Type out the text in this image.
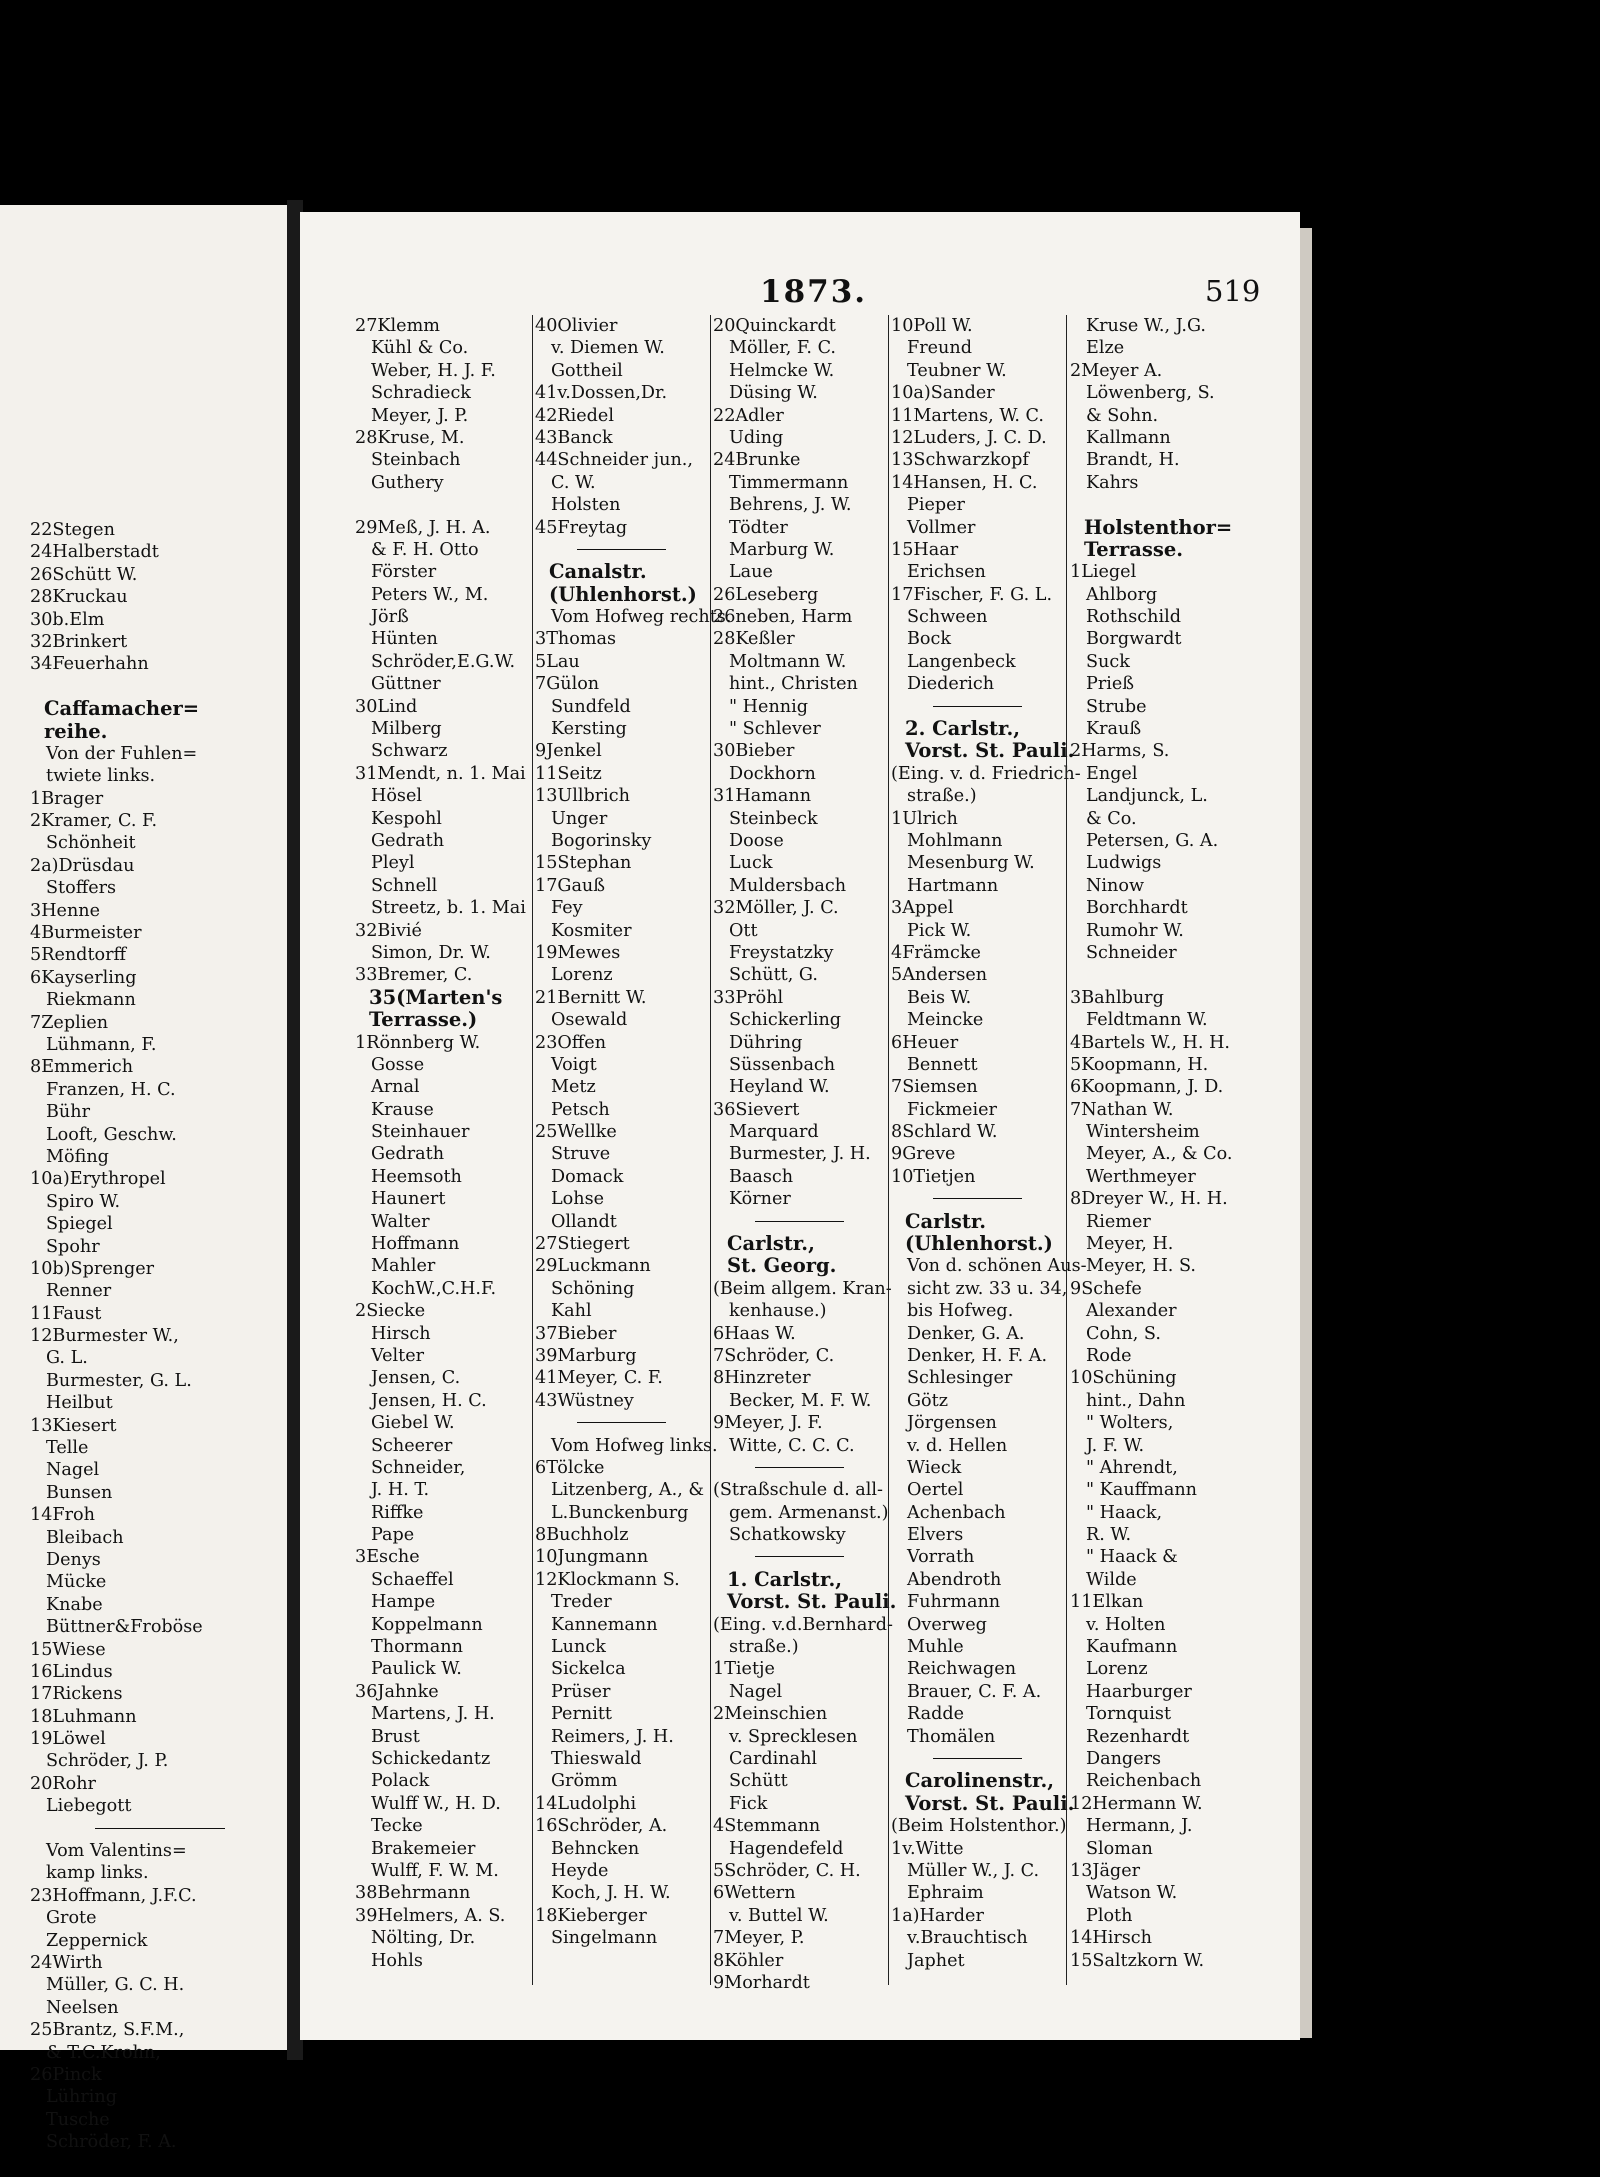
22Stegen
24Halberstadt
26Schütt W.
28Kruckau
30b.Elm
32Brinkert
34Feuerhahn
Caffamacher=
reihe.
Von der Fuhlen=
twiete links.
1Brager
2Kramer, C. F.
Schönheit
2a)Drüsdau
Stoffers
3Henne
4Burmeister
5Rendtorff
6Kayserling
Riekmann
7Zeplien
Lühmann, F.
8Emmerich
Franzen, H. C.
Bühr
Looft, Geschw.
Möfing
10a)Erythropel
Spiro W.
Spiegel
Spohr
10b)Sprenger
Renner
11Faust
12Burmester W.,
G. L.
Burmester, G. L.
Heilbut
13Kiesert
Telle
Nagel
Bunsen
14Froh
Bleibach
Denys
Mücke
Knabe
Büttner&Froböse
15Wiese
16Lindus
17Rickens
18Luhmann
19Löwel
Schröder, J. P.
20Rohr
Liebegott
Vom Valentins=
kamp links.
23Hoffmann, J.F.C.
Grote
Zeppernick
24Wirth
Müller, G. C. H.
Neelsen
25Brantz, S.F.M.,
& T.C.Krohn,
26Pinck
Lühring
Tusche
Schröder, F. A.
1873.	519
27Klemm
Kühl & Co.
Weber, H. J. F.
Schradieck
Meyer, J. P.
28Kruse, M.
Steinbach
Guthery
29Meß, J. H. A.
& F. H. Otto
Förster
Peters W., M.
Jörß
Hünten
Schröder,E.G.W.
Güttner
30Lind
Milberg
Schwarz
31Mendt, n. 1. Mai
Hösel
Kespohl
Gedrath
Pleyl
Schnell
Streetz, b. 1. Mai
32Bivié
Simon, Dr. W.
33Bremer, C.
35(Marten's
Terrasse.)
1Rönnberg W.
Gosse
Arnal
Krause
Steinhauer
Gedrath
Heemsoth
Haunert
Walter
Hoffmann
Mahler
KochW.,C.H.F.
2Siecke
Hirsch
Velter
Jensen, C.
Jensen, H. C.
Giebel W.
Scheerer
Schneider,
J. H. T.
Riffke
Pape
3Esche
Schaeffel
Hampe
Koppelmann
Thormann
Paulick W.
36Jahnke
Martens, J. H.
Brust
Schickedantz
Polack
Wulff W., H. D.
Tecke
Brakemeier
Wulff, F. W. M.
38Behrmann
39Helmers, A. S.
Nölting, Dr.
Hohls
40Olivier
v. Diemen W.
Gottheil
41v.Dossen,Dr.
42Riedel
43Banck
44Schneider jun.,
C. W.
Holsten
45Freytag
Canalstr.
(Uhlenhorst.)
Vom Hofweg rechts.
3Thomas
5Lau
7Gülon
Sundfeld
Kersting
9Jenkel
11Seitz
13Ullbrich
Unger
Bogorinsky
15Stephan
17Gauß
Fey
Kosmiter
19Mewes
Lorenz
21Bernitt W.
Osewald
23Offen
Voigt
Metz
Petsch
25Wellke
Struve
Domack
Lohse
Ollandt
27Stiegert
29Luckmann
Schöning
Kahl
37Bieber
39Marburg
41Meyer, C. F.
43Wüstney
Vom Hofweg links.
6Tölcke
Litzenberg, A., &
L.Bunckenburg
8Buchholz
10Jungmann
12Klockmann S.
Treder
Kannemann
Lunck
Sickelca
Prüser
Pernitt
Reimers, J. H.
Thieswald
Grömm
14Ludolphi
16Schröder, A.
Behncken
Heyde
Koch, J. H. W.
18Kieberger
Singelmann
20Quinckardt
Möller, F. C.
Helmcke W.
Düsing W.
22Adler
Uding
24Brunke
Timmermann
Behrens, J. W.
Tödter
Marburg W.
Laue
26Leseberg
26neben, Harm
28Keßler
Moltmann W.
hint., Christen
" Hennig
" Schlever
30Bieber
Dockhorn
31Hamann
Steinbeck
Doose
Luck
Muldersbach
32Möller, J. C.
Ott
Freystatzky
Schütt, G.
33Pröhl
Schickerling
Dühring
Süssenbach
Heyland W.
36Sievert
Marquard
Burmester, J. H.
Baasch
Körner
Carlstr.,
St. Georg.
(Beim allgem. Kran-
kenhause.)
6Haas W.
7Schröder, C.
8Hinzreter
Becker, M. F. W.
9Meyer, J. F.
Witte, C. C. C.
(Straßschule d. all-
gem. Armenanst.)
Schatkowsky
1. Carlstr.,
Vorst. St. Pauli.
(Eing. v.d.Bernhard-
straße.)
1Tietje
Nagel
2Meinschien
v. Sprecklesen
Cardinahl
Schütt
Fick
4Stemmann
Hagendefeld
5Schröder, C. H.
6Wettern
v. Buttel W.
7Meyer, P.
8Köhler
9Morhardt
10Poll W.
Freund
Teubner W.
10a)Sander
11Martens, W. C.
12Luders, J. C. D.
13Schwarzkopf
14Hansen, H. C.
Pieper
Vollmer
15Haar
Erichsen
17Fischer, F. G. L.
Schween
Bock
Langenbeck
Diederich
2. Carlstr.,
Vorst. St. Pauli.
(Eing. v. d. Friedrich-
straße.)
1Ulrich
Mohlmann
Mesenburg W.
Hartmann
3Appel
Pick W.
4Främcke
5Andersen
Beis W.
Meincke
6Heuer
Bennett
7Siemsen
Fickmeier
8Schlard W.
9Greve
10Tietjen
Carlstr.
(Uhlenhorst.)
Von d. schönen Aus-
sicht zw. 33 u. 34,
bis Hofweg.
Denker, G. A.
Denker, H. F. A.
Schlesinger
Götz
Jörgensen
v. d. Hellen
Wieck
Oertel
Achenbach
Elvers
Vorrath
Abendroth
Fuhrmann
Overweg
Muhle
Reichwagen
Brauer, C. F. A.
Radde
Thomälen
Carolinenstr.,
Vorst. St. Pauli.
(Beim Holstenthor.)
1v.Witte
Müller W., J. C.
Ephraim
1a)Harder
v.Brauchtisch
Japhet
Kruse W., J.G.
Elze
2Meyer A.
Löwenberg, S.
& Sohn.
Kallmann
Brandt, H.
Kahrs
Holstenthor=
Terrasse.
1Liegel
Ahlborg
Rothschild
Borgwardt
Suck
Prieß
Strube
Krauß
2Harms, S.
Engel
Landjunck, L.
& Co.
Petersen, G. A.
Ludwigs
Ninow
Borchhardt
Rumohr W.
Schneider
3Bahlburg
Feldtmann W.
4Bartels W., H. H.
5Koopmann, H.
6Koopmann, J. D.
7Nathan W.
Wintersheim
Meyer, A., & Co.
Werthmeyer
8Dreyer W., H. H.
Riemer
Meyer, H.
Meyer, H. S.
9Schefe
Alexander
Cohn, S.
Rode
10Schüning
hint., Dahn
" Wolters,
J. F. W.
" Ahrendt,
" Kauffmann
" Haack,
R. W.
" Haack &
Wilde
11Elkan
v. Holten
Kaufmann
Lorenz
Haarburger
Tornquist
Rezenhardt
Dangers
Reichenbach
12Hermann W.
Hermann, J.
Sloman
13Jäger
Watson W.
Ploth
14Hirsch
15Saltzkorn W.
